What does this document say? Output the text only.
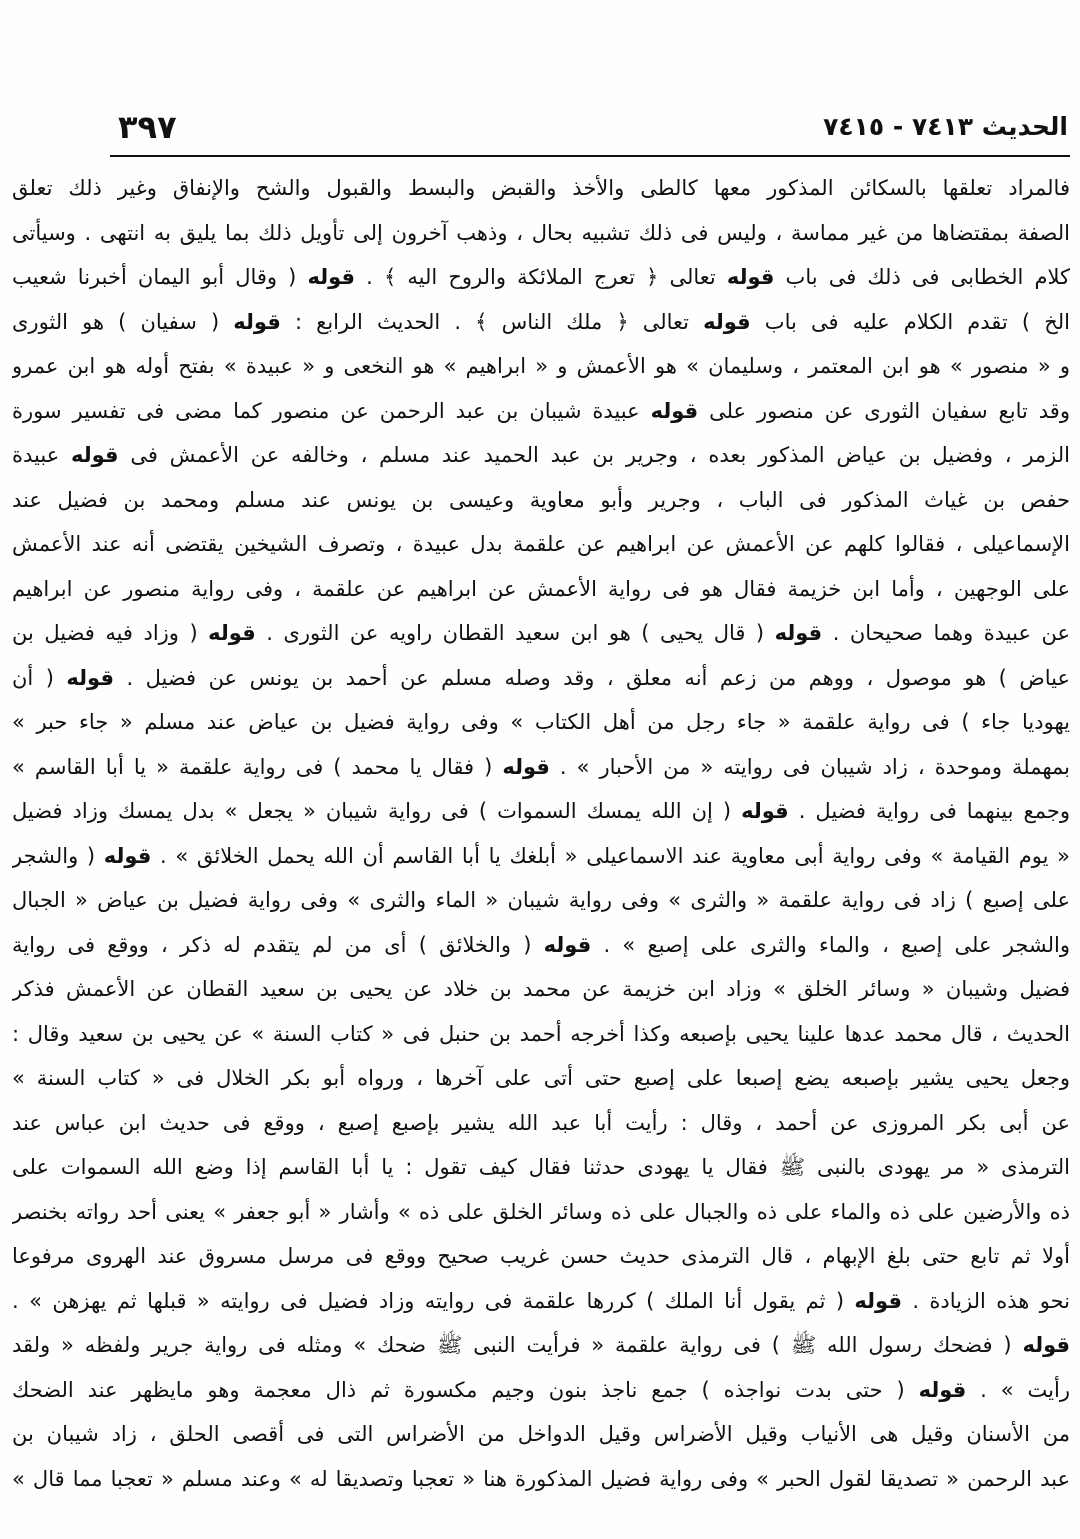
الحديث ٧٤١٣ - ٧٤١٥
٣٩٧
فالمراد تعلقها بالسكائن المذكور معها كالطى والأخذ والقبض والبسط والقبول والشح والإنفاق وغير ذلك تعلق
الصفة بمقتضاها من غير مماسة ، وليس فى ذلك تشبيه بحال ، وذهب آخرون إلى تأويل ذلك بما يليق به انتهى . وسيأتى
كلام الخطابى فى ذلك فى باب قوله تعالى ﴿ تعرج الملائكة والروح اليه ﴾ . قوله ( وقال أبو اليمان أخبرنا شعيب
الخ ) تقدم الكلام عليه فى باب قوله تعالى ﴿ ملك الناس ﴾ . الحديث الرابع : قوله ( سفيان ) هو الثورى
و « منصور » هو ابن المعتمر ، وسليمان » هو الأعمش و « ابراهيم » هو النخعى و « عبيدة » بفتح أوله هو ابن عمرو
وقد تابع سفيان الثورى عن منصور على قوله عبيدة شيبان بن عبد الرحمن عن منصور كما مضى فى تفسير سورة
الزمر ، وفضيل بن عياض المذكور بعده ، وجرير بن عبد الحميد عند مسلم ، وخالفه عن الأعمش فى قوله عبيدة
حفص بن غياث المذكور فى الباب ، وجرير وأبو معاوية وعيسى بن يونس عند مسلم ومحمد بن فضيل عند
الإسماعيلى ، فقالوا كلهم عن الأعمش عن ابراهيم عن علقمة بدل عبيدة ، وتصرف الشيخين يقتضى أنه عند الأعمش
على الوجهين ، وأما ابن خزيمة فقال هو فى رواية الأعمش عن ابراهيم عن علقمة ، وفى رواية منصور عن ابراهيم
عن عبيدة وهما صحيحان . قوله ( قال يحيى ) هو ابن سعيد القطان راويه عن الثورى . قوله ( وزاد فيه فضيل بن
عياض ) هو موصول ، ووهم من زعم أنه معلق ، وقد وصله مسلم عن أحمد بن يونس عن فضيل . قوله ( أن
يهوديا جاء ) فى رواية علقمة « جاء رجل من أهل الكتاب » وفى رواية فضيل بن عياض عند مسلم « جاء حبر »
بمهملة وموحدة ، زاد شيبان فى روايته « من الأحبار » . قوله ( فقال يا محمد ) فى رواية علقمة « يا أبا القاسم »
وجمع بينهما فى رواية فضيل . قوله ( إن الله يمسك السموات ) فى رواية شيبان « يجعل » بدل يمسك وزاد فضيل
« يوم القيامة » وفى رواية أبى معاوية عند الاسماعيلى « أبلغك يا أبا القاسم أن الله يحمل الخلائق » . قوله ( والشجر
على إصبع ) زاد فى رواية علقمة « والثرى » وفى رواية شيبان « الماء والثرى » وفى رواية فضيل بن عياض « الجبال
والشجر على إصبع ، والماء والثرى على إصبع » . قوله ( والخلائق ) أى من لم يتقدم له ذكر ، ووقع فى رواية
فضيل وشيبان « وسائر الخلق » وزاد ابن خزيمة عن محمد بن خلاد عن يحيى بن سعيد القطان عن الأعمش فذكر
الحديث ، قال محمد عدها علينا يحيى بإصبعه وكذا أخرجه أحمد بن حنبل فى « كتاب السنة » عن يحيى بن سعيد وقال :
وجعل يحيى يشير بإصبعه يضع إصبعا على إصبع حتى أتى على آخرها ، ورواه أبو بكر الخلال فى « كتاب السنة »
عن أبى بكر المروزى عن أحمد ، وقال : رأيت أبا عبد الله يشير بإصبع إصبع ، ووقع فى حديث ابن عباس عند
الترمذى « مر يهودى بالنبى ﷺ فقال يا يهودى حدثنا فقال كيف تقول : يا أبا القاسم إذا وضع الله السموات على
ذه والأرضين على ذه والماء على ذه والجبال على ذه وسائر الخلق على ذه » وأشار « أبو جعفر » يعنى أحد رواته بخنصر
أولا ثم تابع حتى بلغ الإبهام ، قال الترمذى حديث حسن غريب صحيح ووقع فى مرسل مسروق عند الهروى مرفوعا
نحو هذه الزيادة . قوله ( ثم يقول أنا الملك ) كررها علقمة فى روايته وزاد فضيل فى روايته « قبلها ثم يهزهن » .
قوله ( فضحك رسول الله ﷺ ) فى رواية علقمة « فرأيت النبى ﷺ ضحك » ومثله فى رواية جرير ولفظه « ولقد
رأيت » . قوله ( حتى بدت نواجذه ) جمع ناجذ بنون وجيم مكسورة ثم ذال معجمة وهو مايظهر عند الضحك
من الأسنان وقيل هى الأنياب وقيل الأضراس وقيل الدواخل من الأضراس التى فى أقصى الحلق ، زاد شيبان بن
عبد الرحمن « تصديقا لقول الحبر » وفى رواية فضيل المذكورة هنا « تعجبا وتصديقا له » وعند مسلم « تعجبا مما قال »
